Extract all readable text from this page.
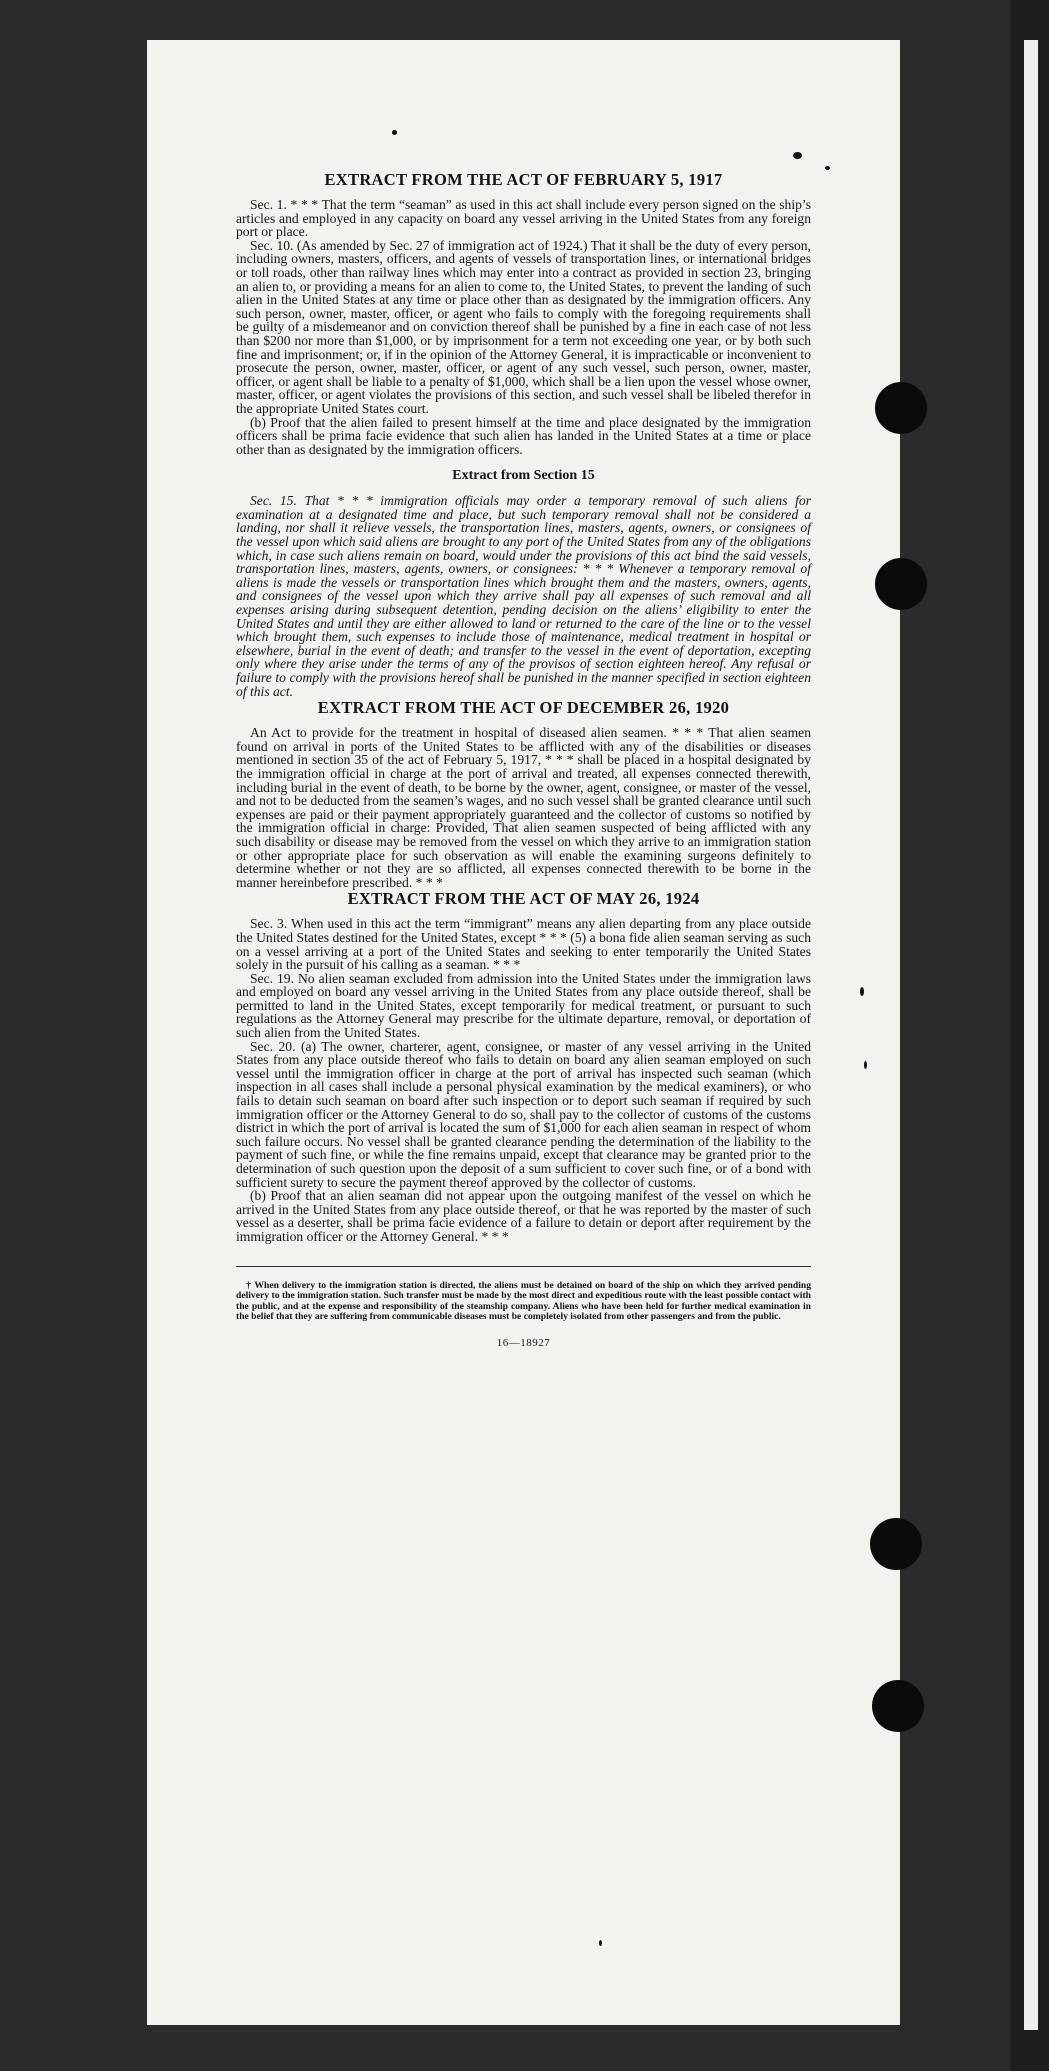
EXTRACT FROM THE ACT OF FEBRUARY 5, 1917

Sec. 1. * * * That the term “seaman” as used in this act shall include every person signed on the ship’s articles and employed in any capacity on board any vessel arriving in the United States from any foreign port or place.

Sec. 10. (As amended by Sec. 27 of immigration act of 1924.) That it shall be the duty of every person, including owners, masters, officers, and agents of vessels of transportation lines, or international bridges or toll roads, other than railway lines which may enter into a contract as provided in section 23, bringing an alien to, or providing a means for an alien to come to, the United States, to prevent the landing of such alien in the United States at any time or place other than as designated by the immigration officers. Any such person, owner, master, officer, or agent who fails to comply with the foregoing requirements shall be guilty of a misdemeanor and on conviction thereof shall be punished by a fine in each case of not less than $200 nor more than $1,000, or by imprisonment for a term not exceeding one year, or by both such fine and imprisonment; or, if in the opinion of the Attorney General, it is impracticable or inconvenient to prosecute the person, owner, master, officer, or agent of any such vessel, such person, owner, master, officer, or agent shall be liable to a penalty of $1,000, which shall be a lien upon the vessel whose owner, master, officer, or agent violates the provisions of this section, and such vessel shall be libeled therefor in the appropriate United States court.

(b) Proof that the alien failed to present himself at the time and place designated by the immigration officers shall be prima facie evidence that such alien has landed in the United States at a time or place other than as designated by the immigration officers.

Extract from Section 15

Sec. 15. That * * * immigration officials may order a temporary removal of such aliens for examination at a designated time and place, but such temporary removal shall not be considered a landing, nor shall it relieve vessels, the transportation lines, masters, agents, owners, or consignees of the vessel upon which said aliens are brought to any port of the United States from any of the obligations which, in case such aliens remain on board, would under the provisions of this act bind the said vessels, transportation lines, masters, agents, owners, or consignees: * * * Whenever a temporary removal of aliens is made the vessels or transportation lines which brought them and the masters, owners, agents, and consignees of the vessel upon which they arrive shall pay all expenses of such removal and all expenses arising during subsequent detention, pending decision on the aliens’ eligibility to enter the United States and until they are either allowed to land or returned to the care of the line or to the vessel which brought them, such expenses to include those of maintenance, medical treatment in hospital or elsewhere, burial in the event of death; and transfer to the vessel in the event of deportation, excepting only where they arise under the terms of any of the provisos of section eighteen hereof. Any refusal or failure to comply with the provisions hereof shall be punished in the manner specified in section eighteen of this act.

EXTRACT FROM THE ACT OF DECEMBER 26, 1920

An Act to provide for the treatment in hospital of diseased alien seamen. * * * That alien seamen found on arrival in ports of the United States to be afflicted with any of the disabilities or diseases mentioned in section 35 of the act of February 5, 1917, * * * shall be placed in a hospital designated by the immigration official in charge at the port of arrival and treated, all expenses connected therewith, including burial in the event of death, to be borne by the owner, agent, consignee, or master of the vessel, and not to be deducted from the seamen’s wages, and no such vessel shall be granted clearance until such expenses are paid or their payment appropriately guaranteed and the collector of customs so notified by the immigration official in charge: Provided, That alien seamen suspected of being afflicted with any such disability or disease may be removed from the vessel on which they arrive to an immigration station or other appropriate place for such observation as will enable the examining surgeons definitely to determine whether or not they are so afflicted, all expenses connected therewith to be borne in the manner hereinbefore prescribed. * * *

EXTRACT FROM THE ACT OF MAY 26, 1924

Sec. 3. When used in this act the term “immigrant” means any alien departing from any place outside the United States destined for the United States, except * * * (5) a bona fide alien seaman serving as such on a vessel arriving at a port of the United States and seeking to enter temporarily the United States solely in the pursuit of his calling as a seaman. * * *

Sec. 19. No alien seaman excluded from admission into the United States under the immigration laws and employed on board any vessel arriving in the United States from any place outside thereof, shall be permitted to land in the United States, except temporarily for medical treatment, or pursuant to such regulations as the Attorney General may prescribe for the ultimate departure, removal, or deportation of such alien from the United States.

Sec. 20. (a) The owner, charterer, agent, consignee, or master of any vessel arriving in the United States from any place outside thereof who fails to detain on board any alien seaman employed on such vessel until the immigration officer in charge at the port of arrival has inspected such seaman (which inspection in all cases shall include a personal physical examination by the medical examiners), or who fails to detain such seaman on board after such inspection or to deport such seaman if required by such immigration officer or the Attorney General to do so, shall pay to the collector of customs of the customs district in which the port of arrival is located the sum of $1,000 for each alien seaman in respect of whom such failure occurs. No vessel shall be granted clearance pending the determination of the liability to the payment of such fine, or while the fine remains unpaid, except that clearance may be granted prior to the determination of such question upon the deposit of a sum sufficient to cover such fine, or of a bond with sufficient surety to secure the payment thereof approved by the collector of customs.

(b) Proof that an alien seaman did not appear upon the outgoing manifest of the vessel on which he arrived in the United States from any place outside thereof, or that he was reported by the master of such vessel as a deserter, shall be prima facie evidence of a failure to detain or deport after requirement by the immigration officer or the Attorney General. * * *

† When delivery to the immigration station is directed, the aliens must be detained on board of the ship on which they arrived pending delivery to the immigration station. Such transfer must be made by the most direct and expeditious route with the least possible contact with the public, and at the expense and responsibility of the steamship company. Aliens who have been held for further medical examination in the belief that they are suffering from communicable diseases must be completely isolated from other passengers and from the public.

16—18927
